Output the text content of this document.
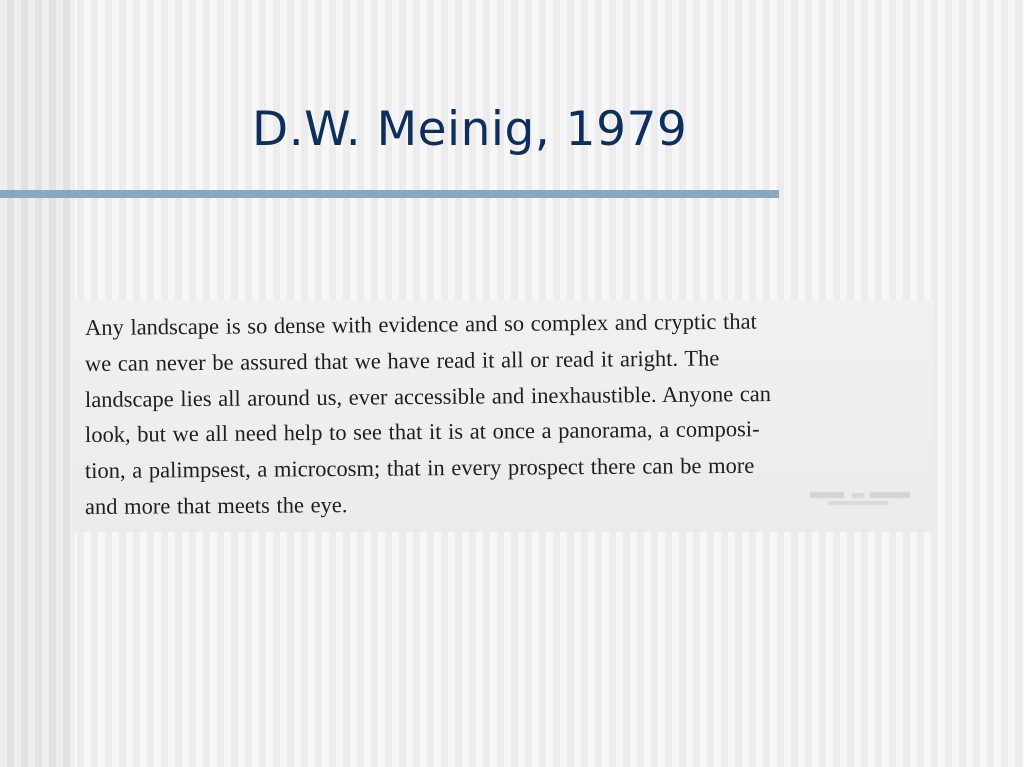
D.W. Meinig, 1979
Any landscape is so dense with evidence and so complex and cryptic that
we can never be assured that we have read it all or read it aright. The
landscape lies all around us, ever accessible and inexhaustible. Anyone can
look, but we all need help to see that it is at once a panorama, a composi-
tion, a palimpsest, a microcosm; that in every prospect there can be more
and more that meets the eye.
